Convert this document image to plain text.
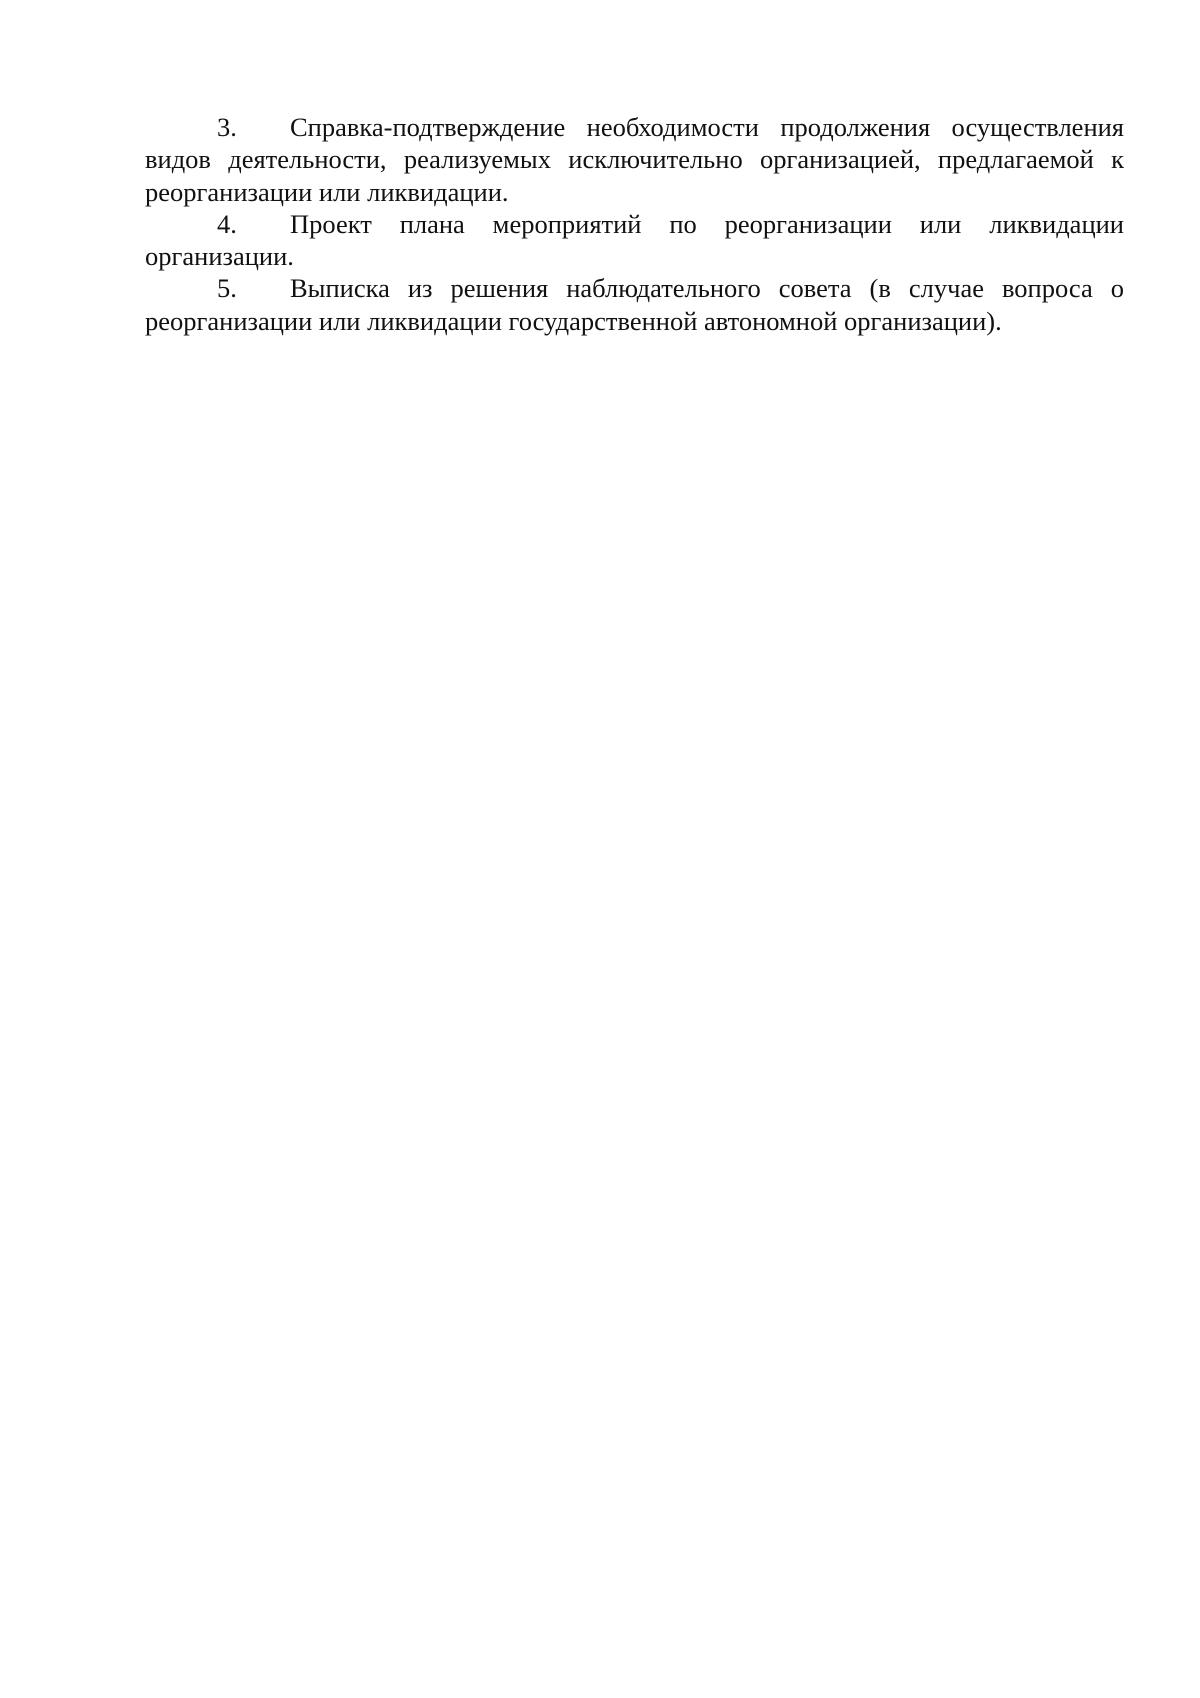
3. Справка-подтверждение необходимости продолжения осуществления видов деятельности, реализуемых исключительно организацией, предлагаемой к реорганизации или ликвидации.

4. Проект плана мероприятий по реорганизации или ликвидации организации.

5. Выписка из решения наблюдательного совета (в случае вопроса о реорганизации или ликвидации государственной автономной организации).
